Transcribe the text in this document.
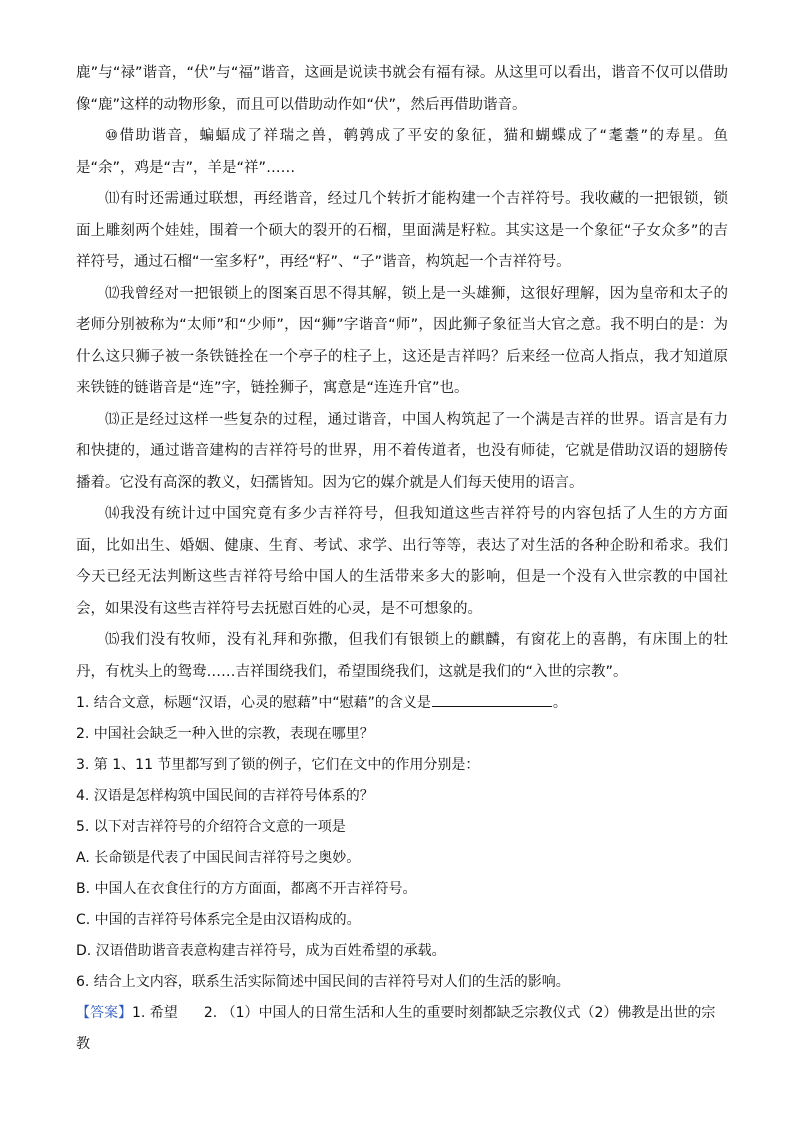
鹿”与“禄”谐音，“伏”与“福”谐音，这画是说读书就会有福有禄。从这里可以看出，谐音不仅可以借助像“鹿”这样的动物形象，而且可以借助动作如“伏”，然后再借助谐音。

⑩借助谐音，蝙蝠成了祥瑞之兽，鹌鹑成了平安的象征，猫和蝴蝶成了“耄耋”的寿星。鱼是“余”，鸡是“吉”，羊是“祥”……

⑾有时还需通过联想，再经谐音，经过几个转折才能构建一个吉祥符号。我收藏的一把银锁，锁面上雕刻两个娃娃，围着一个硕大的裂开的石榴，里面满是籽粒。其实这是一个象征“子女众多”的吉祥符号，通过石榴“一室多籽”，再经“籽”、“子”谐音，构筑起一个吉祥符号。

⑿我曾经对一把银锁上的图案百思不得其解，锁上是一头雄狮，这很好理解，因为皇帝和太子的老师分别被称为“太师”和“少师”，因“狮”字谐音“师”，因此狮子象征当大官之意。我不明白的是：为什么这只狮子被一条铁链拴在一个亭子的柱子上，这还是吉祥吗？后来经一位高人指点，我才知道原来铁链的链谐音是“连”字，链拴狮子，寓意是“连连升官”也。

⒀正是经过这样一些复杂的过程，通过谐音，中国人构筑起了一个满是吉祥的世界。语言是有力和快捷的，通过谐音建构的吉祥符号的世界，用不着传道者，也没有师徒，它就是借助汉语的翅膀传播着。它没有高深的教义，妇孺皆知。因为它的媒介就是人们每天使用的语言。

⒁我没有统计过中国究竟有多少吉祥符号，但我知道这些吉祥符号的内容包括了人生的方方面面，比如出生、婚姻、健康、生育、考试、求学、出行等等，表达了对生活的各种企盼和希求。我们今天已经无法判断这些吉祥符号给中国人的生活带来多大的影响，但是一个没有入世宗教的中国社会，如果没有这些吉祥符号去抚慰百姓的心灵，是不可想象的。

⒂我们没有牧师，没有礼拜和弥撒，但我们有银锁上的麒麟，有窗花上的喜鹊，有床围上的牡丹，有枕头上的鸳鸯……吉祥围绕我们，希望围绕我们，这就是我们的“入世的宗教”。

1. 结合文意，标题“汉语，心灵的慰藉”中“慰藉”的含义是	。

2. 中国社会缺乏一种入世的宗教，表现在哪里？

3. 第 1、11 节里都写到了锁的例子，它们在文中的作用分别是：

4. 汉语是怎样构筑中国民间的吉祥符号体系的？

5. 以下对吉祥符号的介绍符合文意的一项是

A. 长命锁是代表了中国民间吉祥符号之奥妙。

B. 中国人在衣食住行的方方面面，都离不开吉祥符号。

C. 中国的吉祥符号体系完全是由汉语构成的。

D. 汉语借助谐音表意构建吉祥符号，成为百姓希望的承载。

6. 结合上文内容，联系生活实际简述中国民间的吉祥符号对人们的生活的影响。

【答案】1. 希望 2. （1）中国人的日常生活和人生的重要时刻都缺乏宗教仪式（2）佛教是出世的宗教
